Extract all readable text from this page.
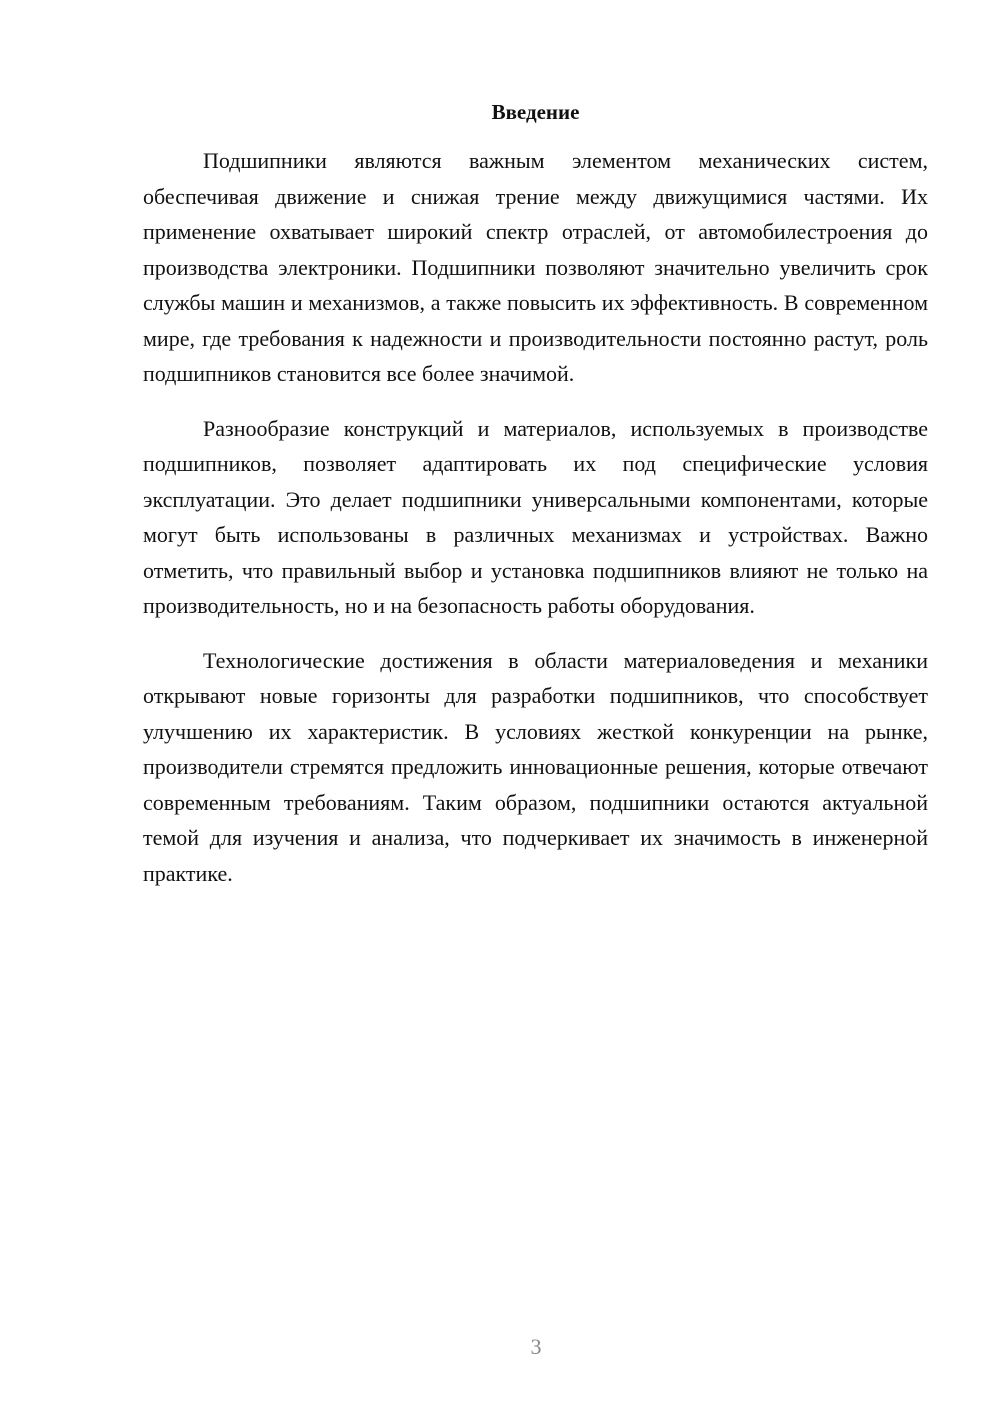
Введение

Подшипники являются важным элементом механических систем, обеспечивая движение и снижая трение между движущимися частями. Их применение охватывает широкий спектр отраслей, от автомобилестроения до производства электроники. Подшипники позволяют значительно увеличить срок службы машин и механизмов, а также повысить их эффективность. В современном мире, где требования к надежности и производительности постоянно растут, роль подшипников становится все более значимой.

Разнообразие конструкций и материалов, используемых в производстве подшипников, позволяет адаптировать их под специфические условия эксплуатации. Это делает подшипники универсальными компонентами, которые могут быть использованы в различных механизмах и устройствах. Важно отметить, что правильный выбор и установка подшипников влияют не только на производительность, но и на безопасность работы оборудования.

Технологические достижения в области материаловедения и механики открывают новые горизонты для разработки подшипников, что способствует улучшению их характеристик. В условиях жесткой конкуренции на рынке, производители стремятся предложить инновационные решения, которые отвечают современным требованиям. Таким образом, подшипники остаются актуальной темой для изучения и анализа, что подчеркивает их значимость в инженерной практике.

3
